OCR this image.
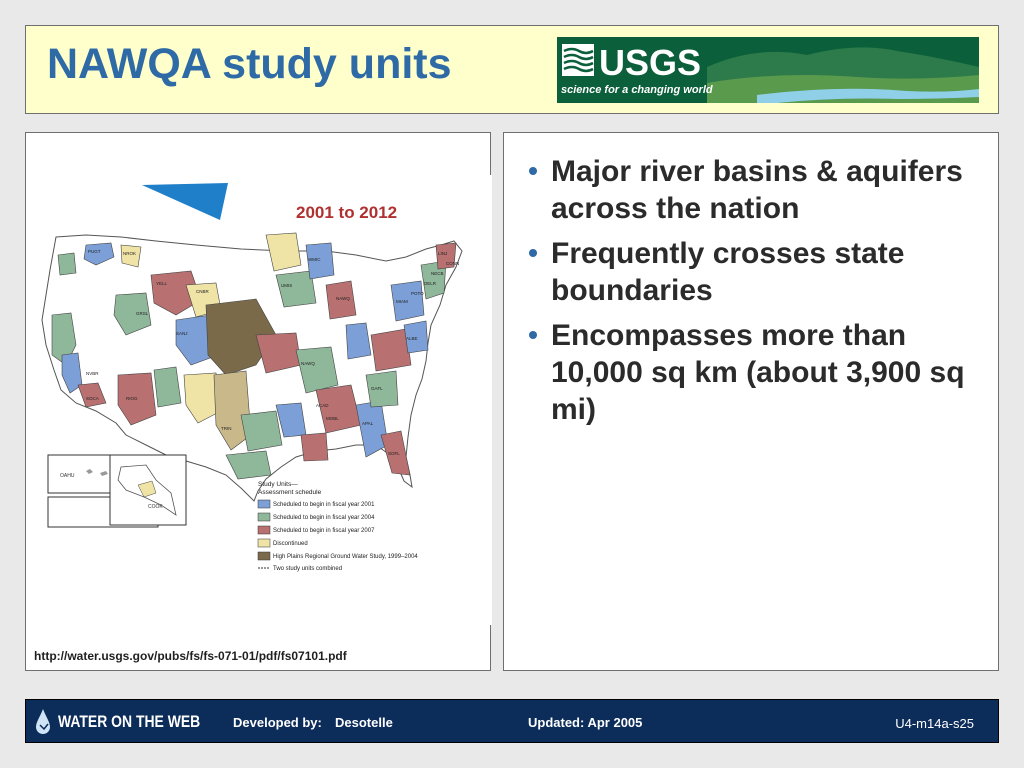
NAWQA study units	USGS
science for a changing world
2001 to 2012
OAHU
COOK
Study Units—
Assessment schedule
Scheduled to begin in fiscal year 2001
Scheduled to begin in fiscal year 2004
Scheduled to begin in fiscal year 2007
Discontinued
High Plains Regional Ground Water Study, 1999–2004
Two study units combined
PUGT	NROK
YELL
GRSL
UMIS
WMIC
NECB
MIAM
NVBR
SANJ
SOCA	RIOG
TRIN
ACAD
MOBL
APAL
SOFL
GAFL
ALBE
POTO
DELR
LINJ
CONN
CNBR
NAWQ
NAWQ
http://water.usgs.gov/pubs/fs/fs-071-01/pdf/fs07101.pdf
Major river basins & aquifers across the nation
Frequently crosses state boundaries
Encompasses more than 10,000 sq km (about 3,900 sq mi)
WATER ON THE WEB	Developed by: Desotelle	Updated: Apr 2005	U4-m14a-s25
